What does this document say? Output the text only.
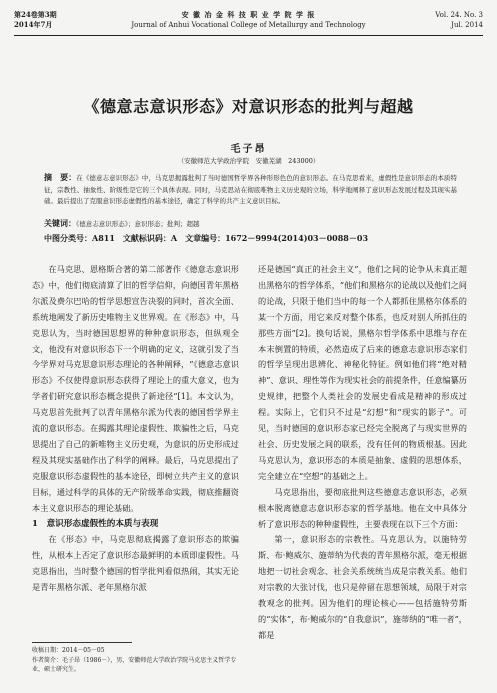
第24卷第3期
2014年7月
安 徽 冶 金 科 技 职 业 学 院 学 报
Journal of Anhui Vocational College of Metallurgy and Technology
Vol. 24. No. 3
Jul. 2014
《德意志意识形态》对意识形态的批判与超越
毛子昂
（安徽师范大学政治学院　安徽芜湖　243000）
摘　要：在《德意志意识形态》中，马克思揭露批判了当时德国哲学界各种形形色色的意识形态。在马克思看来，虚假性是意识形态的本质特征，宗教性、抽象性、阶级性是它的三个具体表现。同时，马克思站在彻底唯物主义历史观的立场，科学地阐释了意识形态发展过程及其现实基础。最后提出了克服意识形态虚假性的基本途径，确定了科学的共产主义意识目标。
关键词：《德意志意识形态》；意识形态；批判；超越
中图分类号：A811　文献标识码：A　文章编号：1672－9994(2014)03－0088－03

在马克思、恩格斯合著的第二部著作《德意志意识形态》中，他们彻底清算了旧的哲学信仰，向德国青年黑格尔派及费尔巴哈的哲学思想宣告决裂的同时，首次全面、系统地阐发了新历史唯物主义世界观。在《形态》中，马克思认为，当时德国思想界的种种意识形态，但纵观全文，他没有对意识形态下一个明确的定义，这就引发了当今学界对马克思意识形态理论的各种阐释，“《德意志意识形态》不仅使得意识形态获得了理论上的重大意义，也为学者们研究意识形态概念提供了新途径”[1]。本文认为，马克思首先批判了以青年黑格尔派为代表的德国哲学界主流的意识形态。在揭露其理论虚假性、欺骗性之后，马克思提出了自己的新唯物主义历史观，为意识的历史形成过程及其现实基础作出了科学的阐释。最后，马克思提出了克服意识形态虚假性的基本途径，即树立共产主义的意识目标，通过科学的具体的无产阶级革命实践，彻底推翻资本主义意识形态的理论基础。

1　意识形态虚假性的本质与表现

在《形态》中，马克思彻底揭露了意识形态的欺骗性，从根本上否定了意识形态最鲜明的本质即虚假性。马克思指出，当时整个德国的哲学批判看似热闹，其实无论是青年黑格尔派、老年黑格尔派

还是德国“真正的社会主义”，他们之间的论争从未真正超出黑格尔的哲学体系，“他们和黑格尔的论战以及他们之间的论战，只限于他们当中的每一个人都抓住黑格尔体系的某一个方面，用它来反对整个体系，也反对别人所抓住的那些方面”[2]。换句话说，黑格尔哲学体系中思维与存在本末倒置的特质，必然造成了后来的德意志意识形态家们的哲学呈现出思辨化、神秘化特征。例如他们将“绝对精神”、意识、理性等作为现实社会的前提条件，任意编纂历史规律，把整个人类社会的发展史看成是精神的形成过程。实际上，它们只不过是“幻想”和“现实的影子”。可见，当时德国的意识形态家已经完全脱离了与现实世界的社会、历史发展之间的联系，没有任何的物质根基。因此马克思认为，意识形态的本质是抽象、虚假的思想体系，完全建立在“空想”的基础之上。

马克思指出，要彻底批判这些德意志意识形态，必须根本脱离德意志意识形态家的哲学基地。他在文中具体分析了意识形态的种种虚假性，主要表现在以下三个方面：

第一，意识形态的宗教性。马克思认为，以施特劳斯、布·鲍威尔、施蒂纳为代表的青年黑格尔派，毫无根据地把一切社会观念、社会关系统统当成是宗教关系。他们对宗教的大张讨伐，也只是停留在思想领域，局限于对宗教观念的批判。因为他们的理论核心——包括施特劳斯的“实体”，布·鲍威尔的“自我意识”，施蒂纳的“唯一者”，都是

收稿日期：2014－05－05
作者简介：毛子昂（1986－），男，安徽师范大学政治学院马克思主义哲学专业，硕士研究生。
